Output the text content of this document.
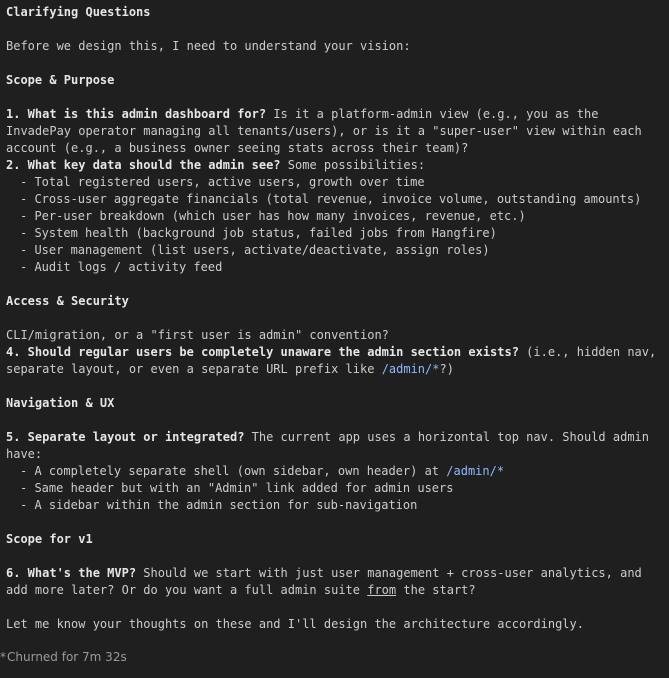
Clarifying Questions

Before we design this, I need to understand your vision:

Scope & Purpose

1. What is this admin dashboard for? Is it a platform-admin view (e.g., you as the InvadePay operator managing all tenants/users), or is it a "super-user" view within each account (e.g., a business owner seeing stats across their team)?

2. What key data should the admin see? Some possibilities:

- Total registered users, active users, growth over time
- Cross-user aggregate financials (total revenue, invoice volume, outstanding amounts)
- Per-user breakdown (which user has how many invoices, revenue, etc.)
- System health (background job status, failed jobs from Hangfire)
- User management (list users, activate/deactivate, assign roles)
- Audit logs / activity feed

Access & Security

CLI/migration, or a "first user is admin" convention?

4. Should regular users be completely unaware the admin section exists? (i.e., hidden nav, separate layout, or even a separate URL prefix like /admin/*?)

Navigation & UX

5. Separate layout or integrated? The current app uses a horizontal top nav. Should admin have:

- A completely separate shell (own sidebar, own header) at /admin/*
- Same header but with an "Admin" link added for admin users
- A sidebar within the admin section for sub-navigation

Scope for v1

6. What's the MVP? Should we start with just user management + cross-user analytics, and add more later? Or do you want a full admin suite from the start?

Let me know your thoughts on these and I'll design the architecture accordingly.

*Churned for 7m 32s
